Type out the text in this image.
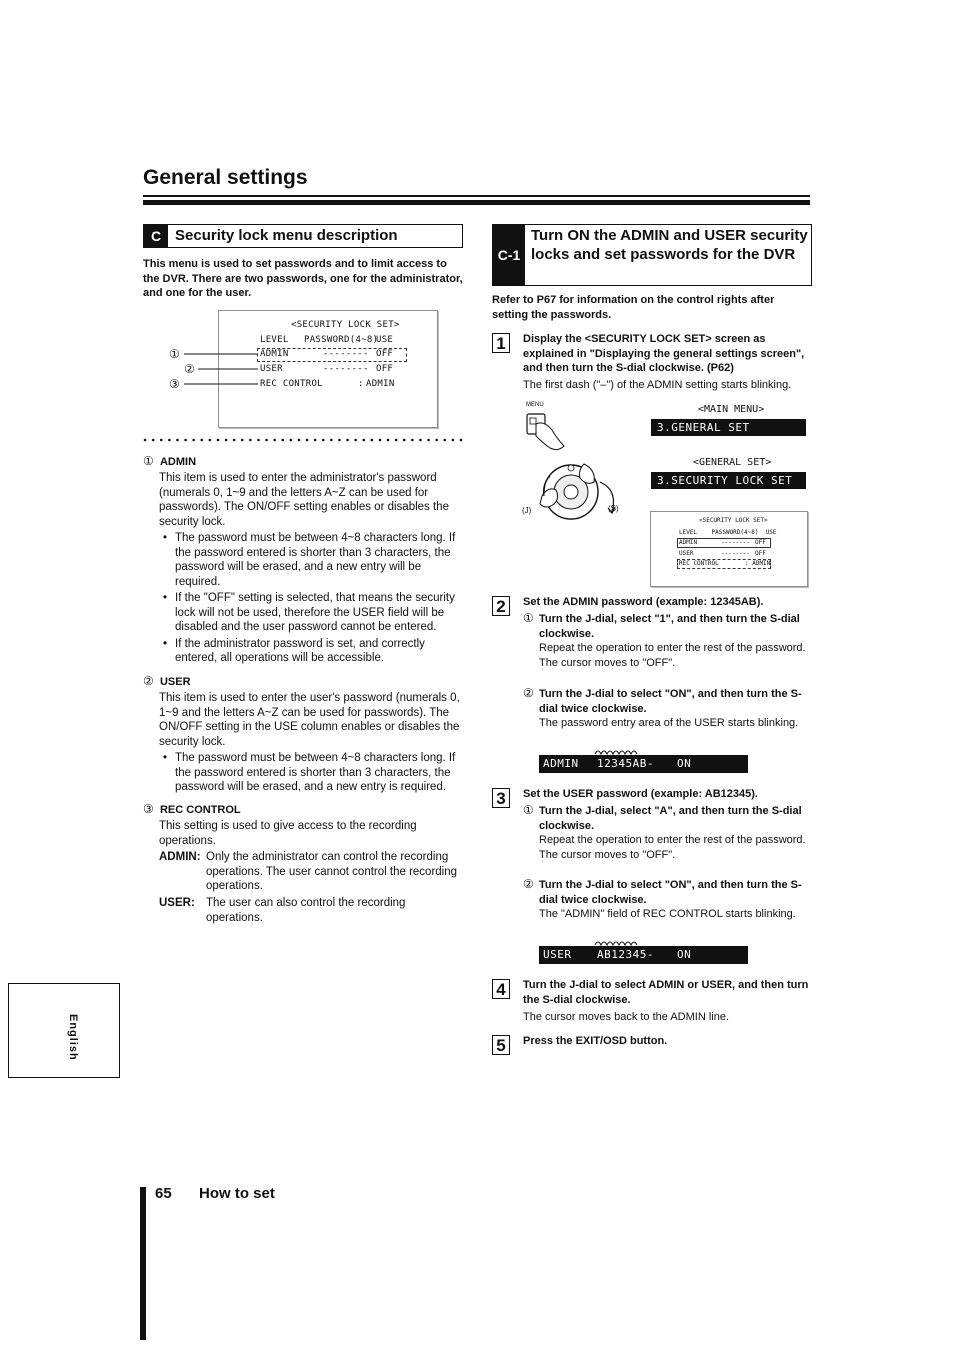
General settings
C Security lock menu description

This menu is used to set passwords and to limit access to the DVR. There are two passwords, one for the administrator, and one for the user.

<SECURITY LOCK SET>
LEVEL PASSWORD(4~8)
USE
ADMIN	-------- OFF
USER	-------- OFF
REC CONTROL	: ADMIN
①
②
③
① ADMIN

This item is used to enter the administrator's password (numerals 0, 1~9 and the letters A~Z can be used for passwords). The ON/OFF setting enables or disables the security lock.

• The password must be between 4~8 characters long. If the password entered is shorter than 3 characters, the password will be erased, and a new entry will be required.
• If the "OFF" setting is selected, that means the security lock will not be used, therefore the USER field will be disabled and the user password cannot be entered.
• If the administrator password is set, and correctly entered, all operations will be accessible.
② USER

This item is used to enter the user's password (numerals 0, 1~9 and the letters A~Z can be used for passwords). The ON/OFF setting in the USE column enables or disables the security lock.

• The password must be between 4~8 characters long. If the password entered is shorter than 3 characters, the password will be erased, and a new entry is required.
③ REC CONTROL

This setting is used to give access to the recording operations.

ADMIN: Only the administrator can control the recording operations. The user cannot control the recording operations.

USER: The user can also control the recording operations.

C-1
Turn ON the ADMIN and USER security locks and set passwords for the DVR

Refer to P67 for information on the control rights after setting the passwords.

1	Display the <SECURITY LOCK SET> screen as explained in "Displaying the general settings screen", and then turn the S-dial clockwise. (P62)

The first dash ("–") of the ADMIN setting starts blinking.

MENU
(J)	(S)
<MAIN MENU>
3.GENERAL SET
<GENERAL SET>
3.SECURITY LOCK SET
<SECURITY LOCK SET>
LEVEL    PASSWORD(4~8)  USE
ADMIN	-------- OFF
USER	-------- OFF
REC CONTROL	: ADMIN
2	Set the ADMIN password (example: 12345AB).

① Turn the J-dial, select "1", and then turn the S-dial clockwise.

Repeat the operation to enter the rest of the password.
The cursor moves to "OFF".

② Turn the J-dial to select "ON", and then turn the S-dial twice clockwise.

The password entry area of the USER starts blinking.

ADMIN 12345AB- ON
3	Set the USER password (example: AB12345).

① Turn the J-dial, select "A", and then turn the S-dial clockwise.

Repeat the operation to enter the rest of the password.
The cursor moves to "OFF".

② Turn the J-dial to select "ON", and then turn the S-dial twice clockwise.

The "ADMIN" field of REC CONTROL starts blinking.

USER AB12345- ON
4	Turn the J-dial to select ADMIN or USER, and then turn the S-dial clockwise.

The cursor moves back to the ADMIN line.

5	Press the EXIT/OSD button.

English
65 How to set
